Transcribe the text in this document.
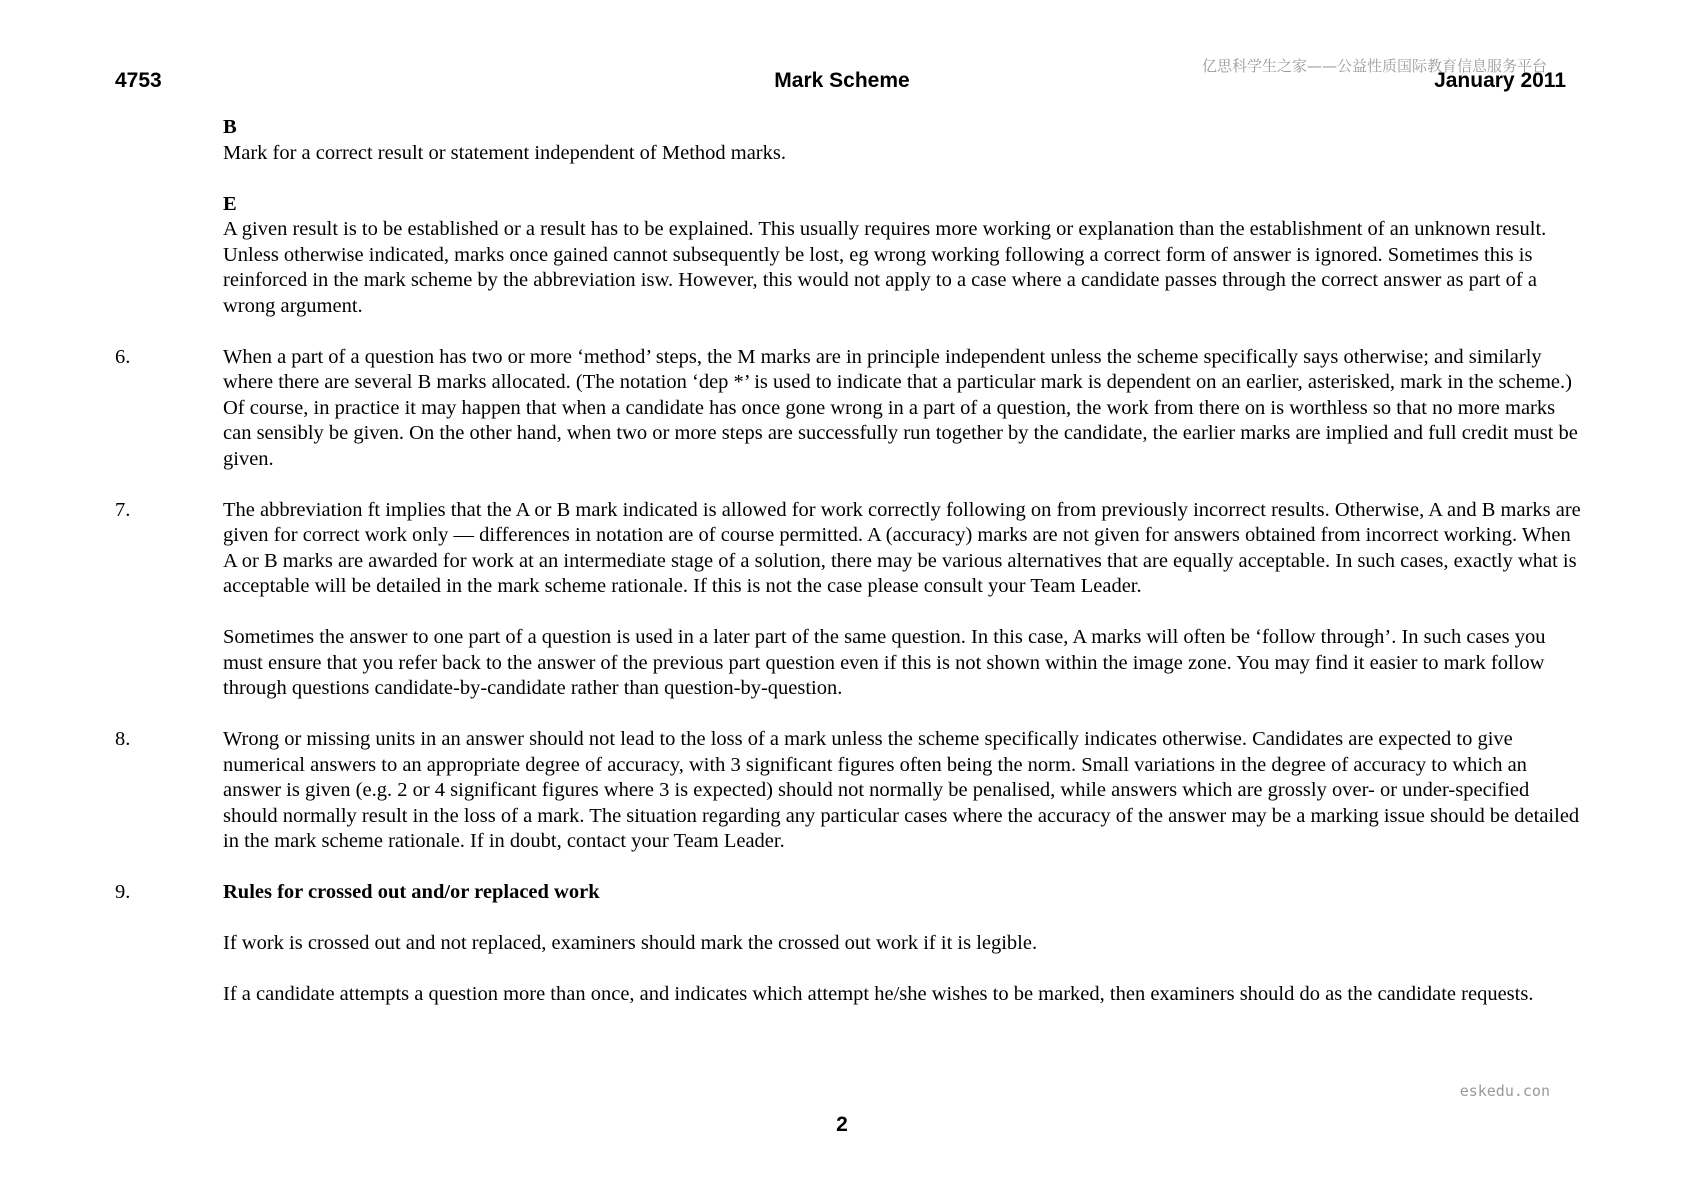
4753	Mark Scheme	January 2011
亿思科学生之家——公益性质国际教育信息服务平台

B

Mark for a correct result or statement independent of Method marks.

E

A given result is to be established or a result has to be explained. This usually requires more working or explanation than the establishment of an unknown result.

Unless otherwise indicated, marks once gained cannot subsequently be lost, eg wrong working following a correct form of answer is ignored. Sometimes this is reinforced in the mark scheme by the abbreviation isw. However, this would not apply to a case where a candidate passes through the correct answer as part of a wrong argument.

6.	When a part of a question has two or more ‘method’ steps, the M marks are in principle independent unless the scheme specifically says otherwise; and similarly where there are several B marks allocated. (The notation ‘dep *’ is used to indicate that a particular mark is dependent on an earlier, asterisked, mark in the scheme.) Of course, in practice it may happen that when a candidate has once gone wrong in a part of a question, the work from there on is worthless so that no more marks can sensibly be given. On the other hand, when two or more steps are successfully run together by the candidate, the earlier marks are implied and full credit must be given.

7.	The abbreviation ft implies that the A or B mark indicated is allowed for work correctly following on from previously incorrect results. Otherwise, A and B marks are given for correct work only — differences in notation are of course permitted. A (accuracy) marks are not given for answers obtained from incorrect working. When A or B marks are awarded for work at an intermediate stage of a solution, there may be various alternatives that are equally acceptable. In such cases, exactly what is acceptable will be detailed in the mark scheme rationale. If this is not the case please consult your Team Leader.

Sometimes the answer to one part of a question is used in a later part of the same question. In this case, A marks will often be ‘follow through’. In such cases you must ensure that you refer back to the answer of the previous part question even if this is not shown within the image zone. You may find it easier to mark follow through questions candidate-by-candidate rather than question-by-question.

8.	Wrong or missing units in an answer should not lead to the loss of a mark unless the scheme specifically indicates otherwise. Candidates are expected to give numerical answers to an appropriate degree of accuracy, with 3 significant figures often being the norm. Small variations in the degree of accuracy to which an answer is given (e.g. 2 or 4 significant figures where 3 is expected) should not normally be penalised, while answers which are grossly over- or under-specified should normally result in the loss of a mark. The situation regarding any particular cases where the accuracy of the answer may be a marking issue should be detailed in the mark scheme rationale. If in doubt, contact your Team Leader.

9.	Rules for crossed out and/or replaced work

If work is crossed out and not replaced, examiners should mark the crossed out work if it is legible.

If a candidate attempts a question more than once, and indicates which attempt he/she wishes to be marked, then examiners should do as the candidate requests.

eskedu.con
2
